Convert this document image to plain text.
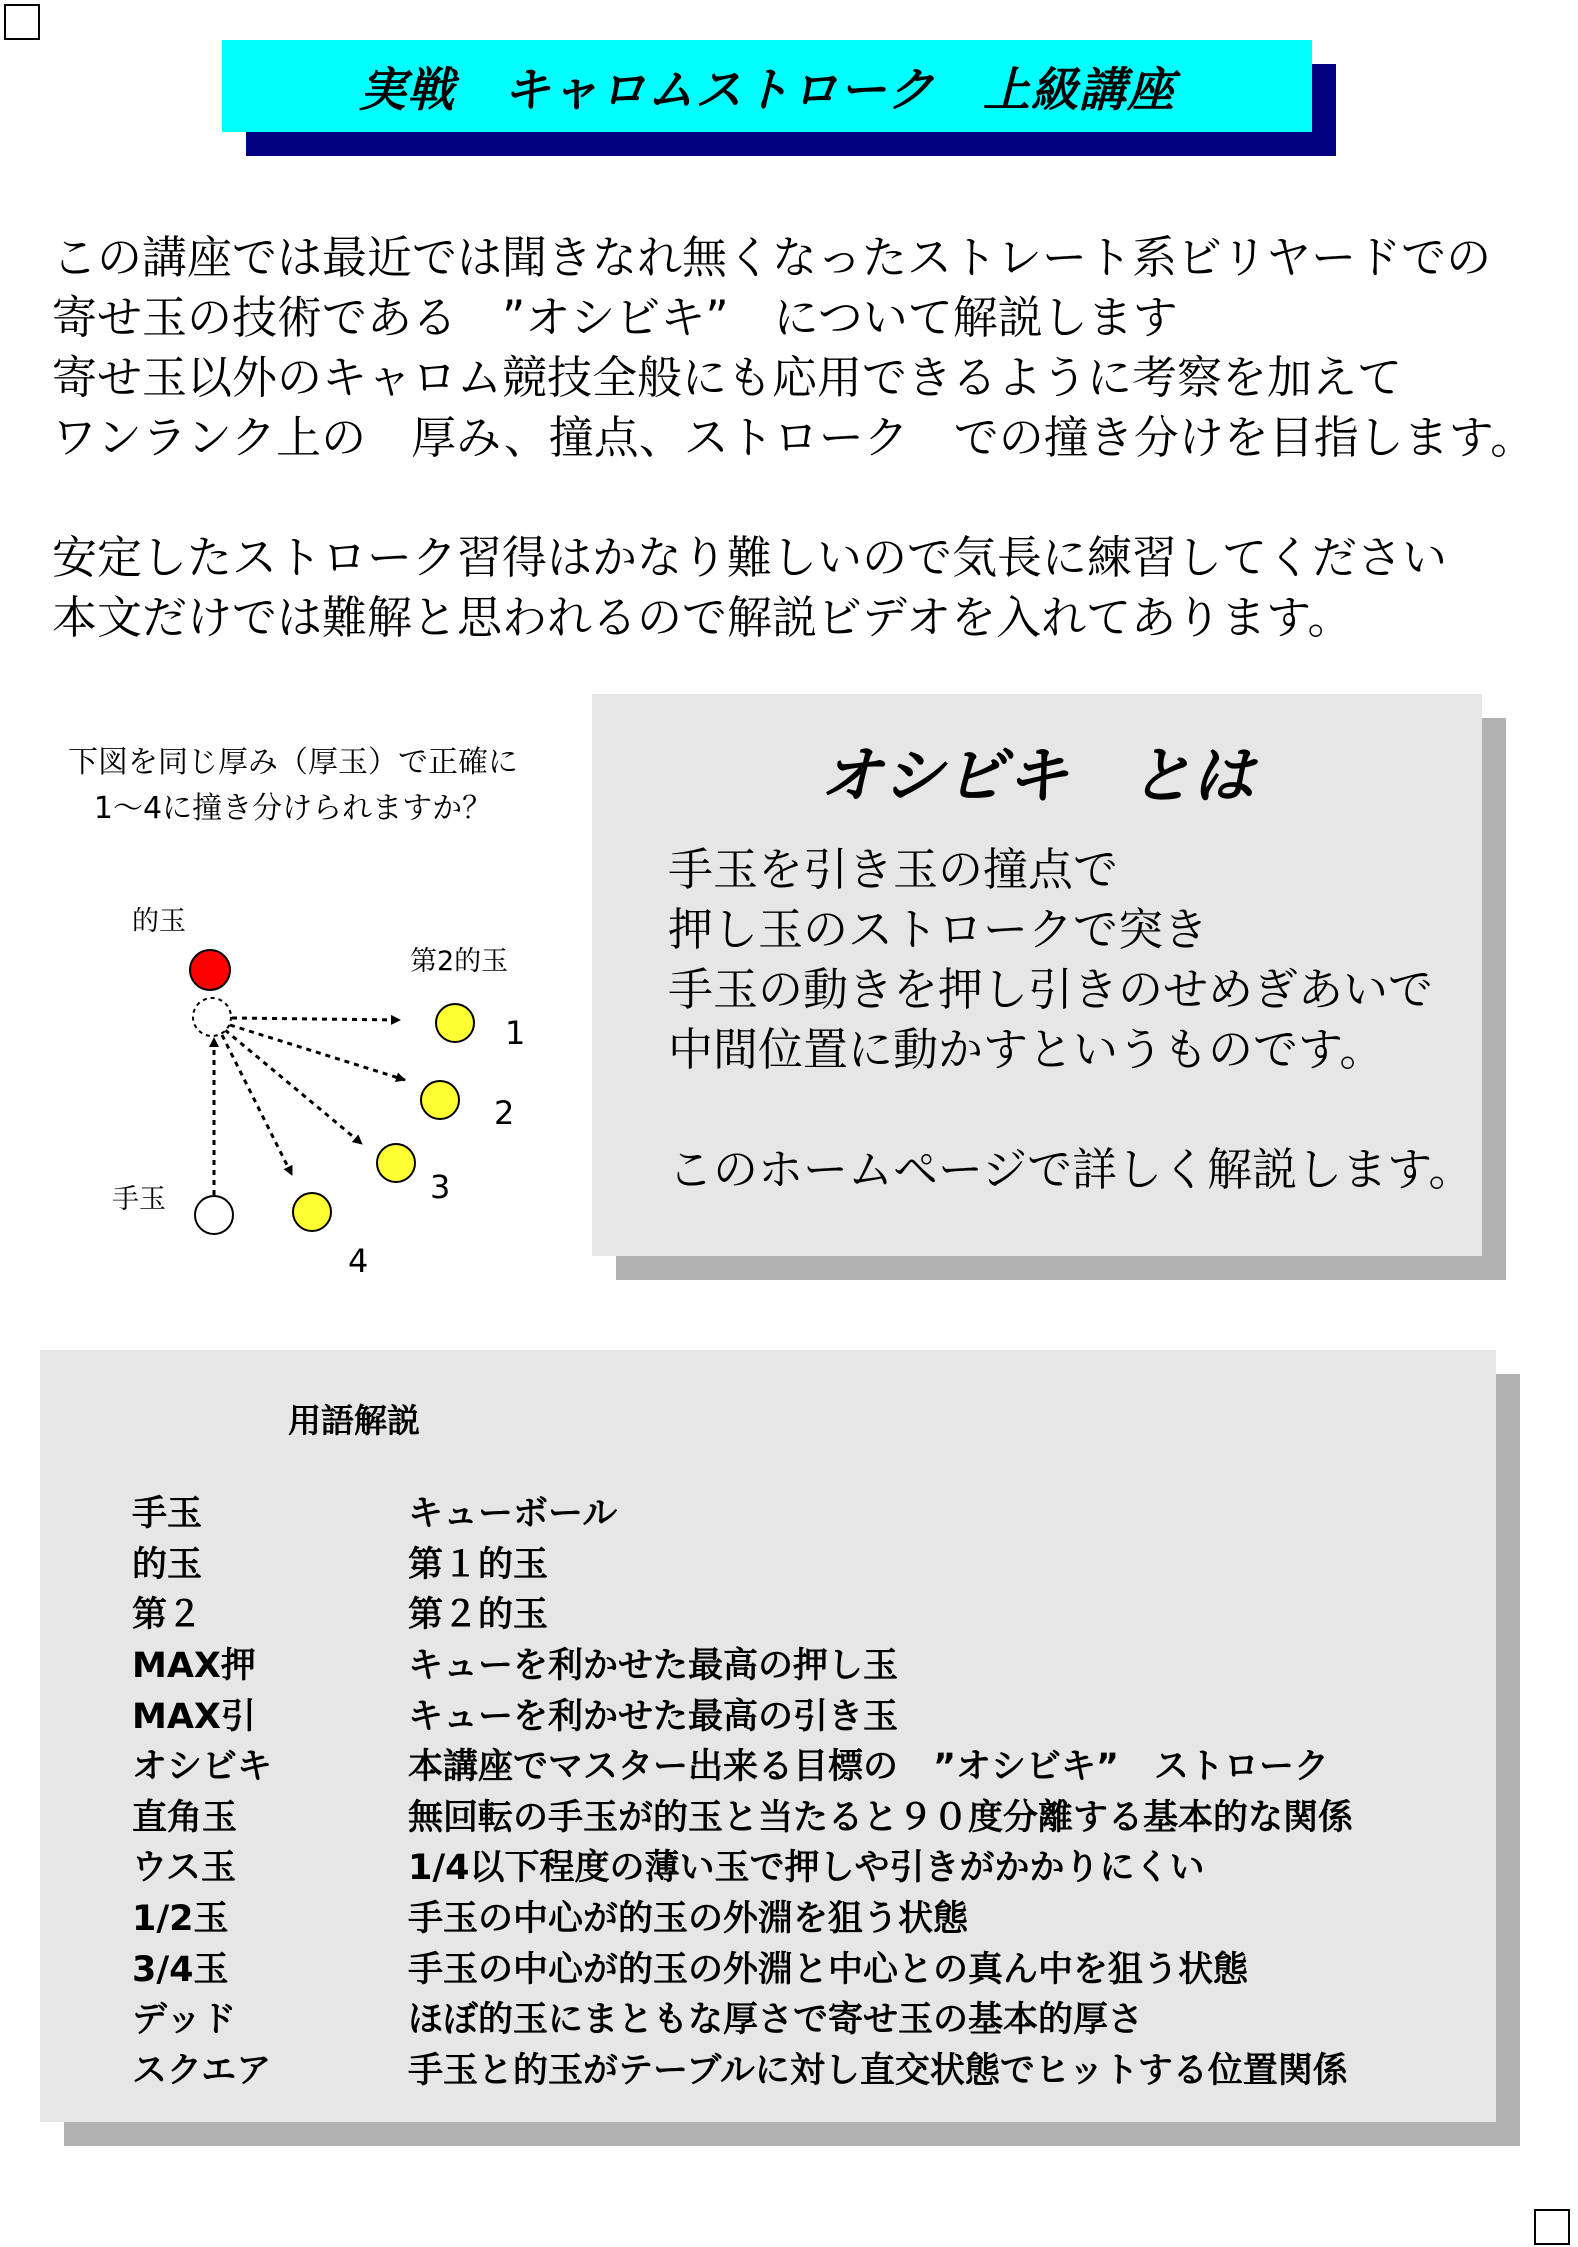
実戦　キャロムストローク　上級講座
この講座では最近では聞きなれ無くなったストレート系ビリヤードでの
寄せ玉の技術である　”オシビキ”　について解説します
寄せ玉以外のキャロム競技全般にも応用できるように考察を加えて
ワンランク上の　厚み、撞点、ストローク　での撞き分けを目指します。
安定したストローク習得はかなり難しいので気長に練習してください
本文だけでは難解と思われるので解説ビデオを入れてあります。
下図を同じ厚み（厚玉）で正確に
1～4に撞き分けられますか？
的玉
第2的玉
手玉
1
2
3
4
オシビキ　とは
手玉を引き玉の撞点で
押し玉のストロークで突き
手玉の動きを押し引きのせめぎあいで
中間位置に動かすというものです。
このホームページで詳しく解説します。
用語解説
手玉	キューボール
的玉	第１的玉
第２	第２的玉
MAX押	キューを利かせた最高の押し玉
MAX引	キューを利かせた最高の引き玉
オシビキ	本講座でマスター出来る目標の　”オシビキ”　ストローク
直角玉	無回転の手玉が的玉と当たると９０度分離する基本的な関係
ウス玉	1/4以下程度の薄い玉で押しや引きがかかりにくい
1/2玉	手玉の中心が的玉の外淵を狙う状態
3/4玉	手玉の中心が的玉の外淵と中心との真ん中を狙う状態
デッド	ほぼ的玉にまともな厚さで寄せ玉の基本的厚さ
スクエア	手玉と的玉がテーブルに対し直交状態でヒットする位置関係
